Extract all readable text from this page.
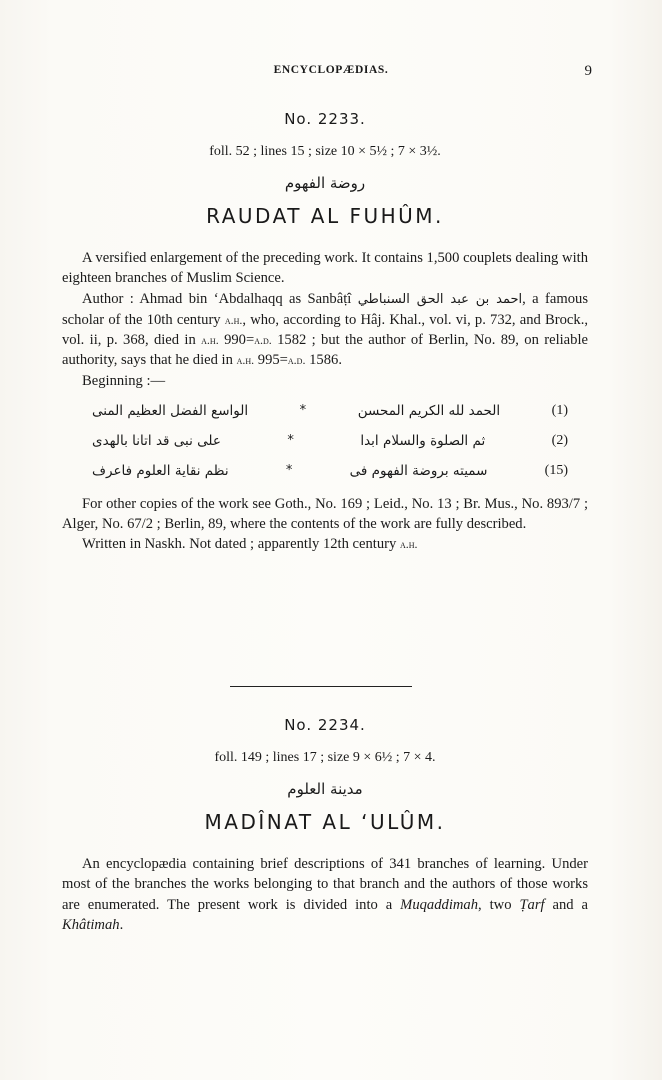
ENCYCLOPÆDIAS.	9
No. 2233.
foll. 52 ; lines 15 ; size 10 × 5½ ; 7 × 3½.
روضة الفهوم
RAUDAT AL FUHÛM.

A versified enlargement of the preceding work. It contains 1,500 couplets dealing with eighteen branches of Muslim Science.

Author : Ahmad bin ‘Abdalhaqq as Sanbâṭî احمد بن عبد الحق السنباطي, a famous scholar of the 10th century a.h., who, according to Hâj. Khal., vol. vi, p. 732, and Brock., vol. ii, p. 368, died in a.h. 990=a.d. 1582 ; but the author of Berlin, No. 89, on reliable authority, says that he died in a.h. 995=a.d. 1586.

Beginning :—
(1)
الحمد لله الكريم المحسن
*
الواسع الفضل العظيم المنى
(2)
ثم الصلوة والسلام ابدا
*
على نبى قد اتانا بالهدى
(15)
سميته بروضة الفهوم فى
*
نظم نقاية العلوم فاعرف

For other copies of the work see Goth., No. 169 ; Leid., No. 13 ; Br. Mus., No. 893/7 ; Alger, No. 67/2 ; Berlin, 89, where the contents of the work are fully described.

Written in Naskh. Not dated ; apparently 12th century a.h.

No. 2234.
foll. 149 ; lines 17 ; size 9 × 6½ ; 7 × 4.
مدينة العلوم
MADÎNAT AL ‘ULÛM.

An encyclopædia containing brief descriptions of 341 branches of learning. Under most of the branches the works belonging to that branch and the authors of those works are enumerated. The present work is divided into a Muqaddimah, two Ṭarf and a Khâtimah.
